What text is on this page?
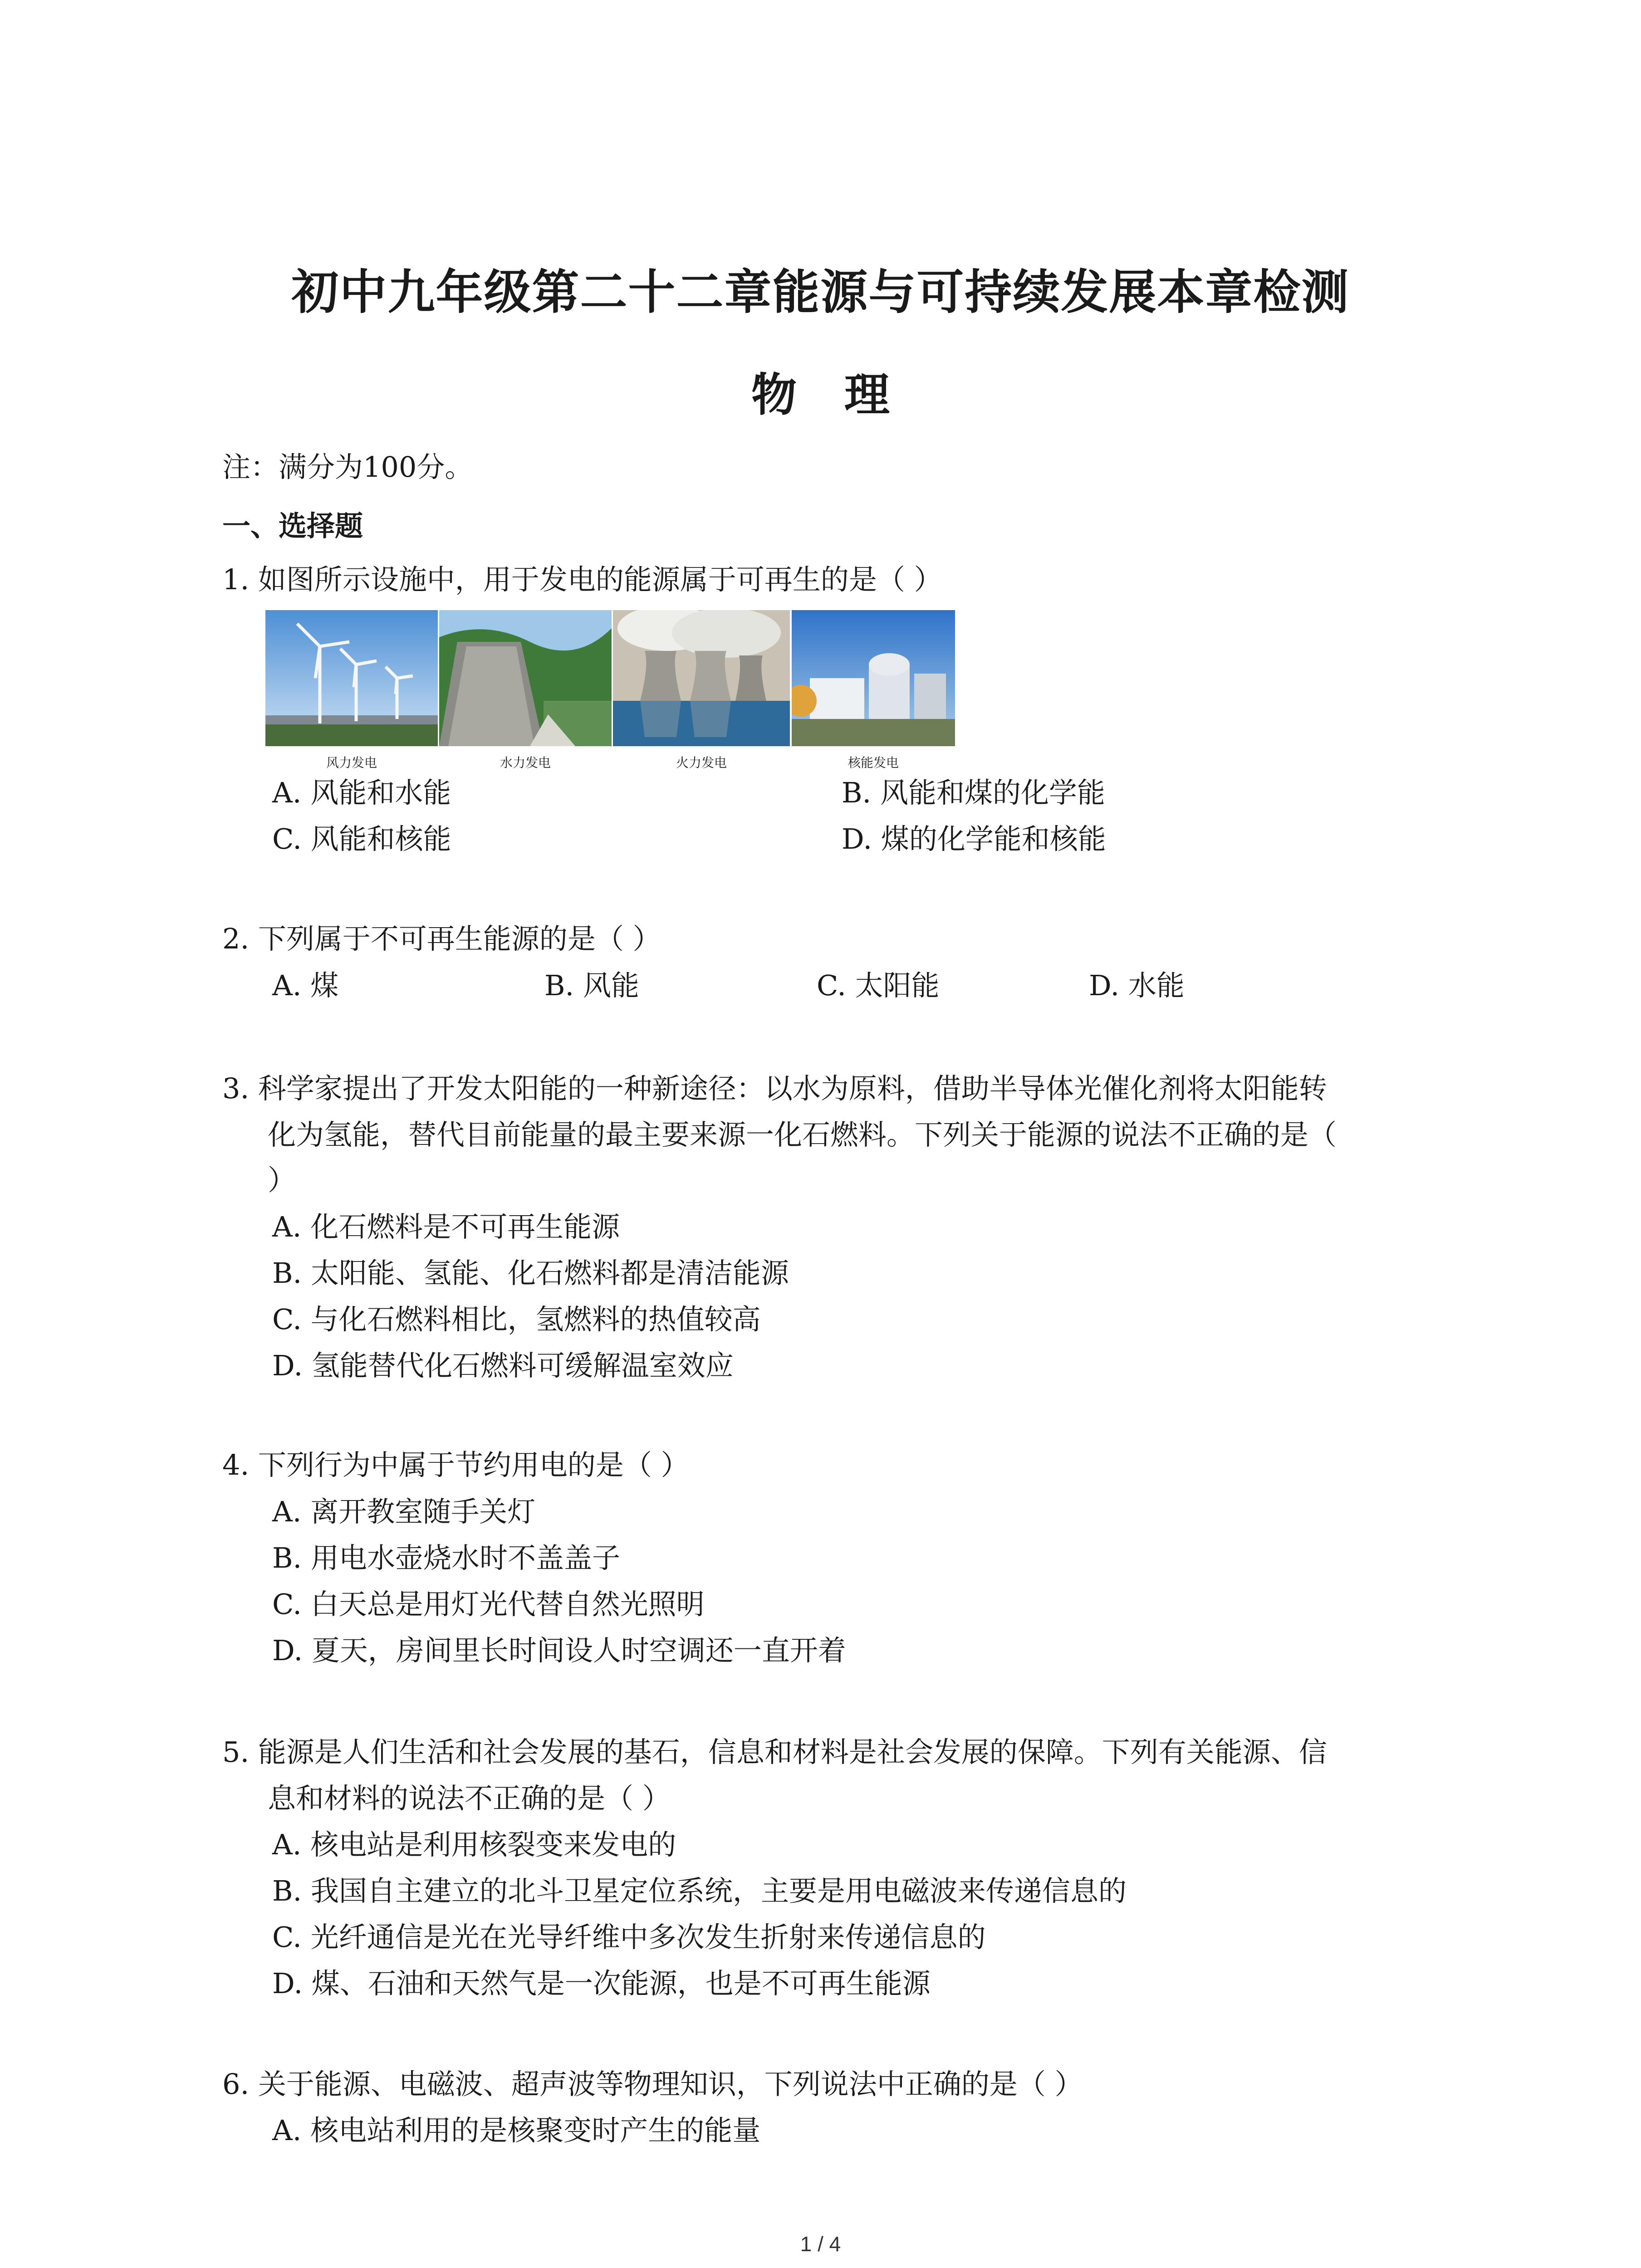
初中九年级第二十二章能源与可持续发展本章检测
物 理
注：满分为100分。
一、选择题
1. 如图所示设施中，用于发电的能源属于可再生的是（ ）
风力发电	水力发电	火力发电	核能发电
A. 风能和水能	B. 风能和煤的化学能
C. 风能和核能	D. 煤的化学能和核能
2. 下列属于不可再生能源的是（ ）
A. 煤	B. 风能	C. 太阳能	D. 水能
3. 科学家提出了开发太阳能的一种新途径：以水为原料，借助半导体光催化剂将太阳能转
化为氢能，替代目前能量的最主要来源一化石燃料。下列关于能源的说法不正确的是（
）
A. 化石燃料是不可再生能源
B. 太阳能、氢能、化石燃料都是清洁能源
C. 与化石燃料相比，氢燃料的热值较高
D. 氢能替代化石燃料可缓解温室效应
4. 下列行为中属于节约用电的是（ ）
A. 离开教室随手关灯
B. 用电水壶烧水时不盖盖子
C. 白天总是用灯光代替自然光照明
D. 夏天，房间里长时间设人时空调还一直开着
5. 能源是人们生活和社会发展的基石，信息和材料是社会发展的保障。下列有关能源、信
息和材料的说法不正确的是（ ）
A. 核电站是利用核裂变来发电的
B. 我国自主建立的北斗卫星定位系统，主要是用电磁波来传递信息的
C. 光纤通信是光在光导纤维中多次发生折射来传递信息的
D. 煤、石油和天然气是一次能源，也是不可再生能源
6. 关于能源、电磁波、超声波等物理知识，下列说法中正确的是（ ）
A. 核电站利用的是核聚变时产生的能量
1 / 4
